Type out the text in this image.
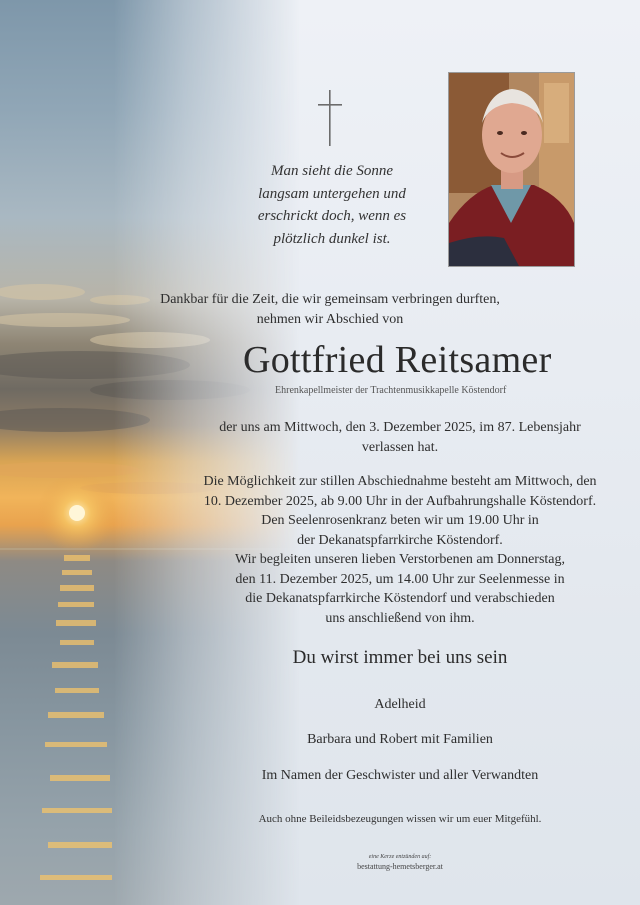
Man sieht die Sonne
langsam untergehen und
erschrickt doch, wenn es
plötzlich dunkel ist.
Dankbar für die Zeit, die wir gemeinsam verbringen durften,
nehmen wir Abschied von
Gottfried Reitsamer
Ehrenkapellmeister der Trachtenmusikkapelle Köstendorf
der uns am Mittwoch, den 3. Dezember 2025, im 87. Lebensjahr
verlassen hat.
Die Möglichkeit zur stillen Abschiednahme besteht am Mittwoch, den
10. Dezember 2025, ab 9.00 Uhr in der Aufbahrungshalle Köstendorf.
Den Seelenrosenkranz beten wir um 19.00 Uhr in
der Dekanatspfarrkirche Köstendorf.
Wir begleiten unseren lieben Verstorbenen am Donnerstag,
den 11. Dezember 2025, um 14.00 Uhr zur Seelenmesse in
die Dekanatspfarrkirche Köstendorf und verabschieden
uns anschließend von ihm.
Du wirst immer bei uns sein
Adelheid
Barbara und Robert mit Familien
Im Namen der Geschwister und aller Verwandten
Auch ohne Beileidsbezeugungen wissen wir um euer Mitgefühl.
eine Kerze entzünden auf:
bestattung-hemetsberger.at
